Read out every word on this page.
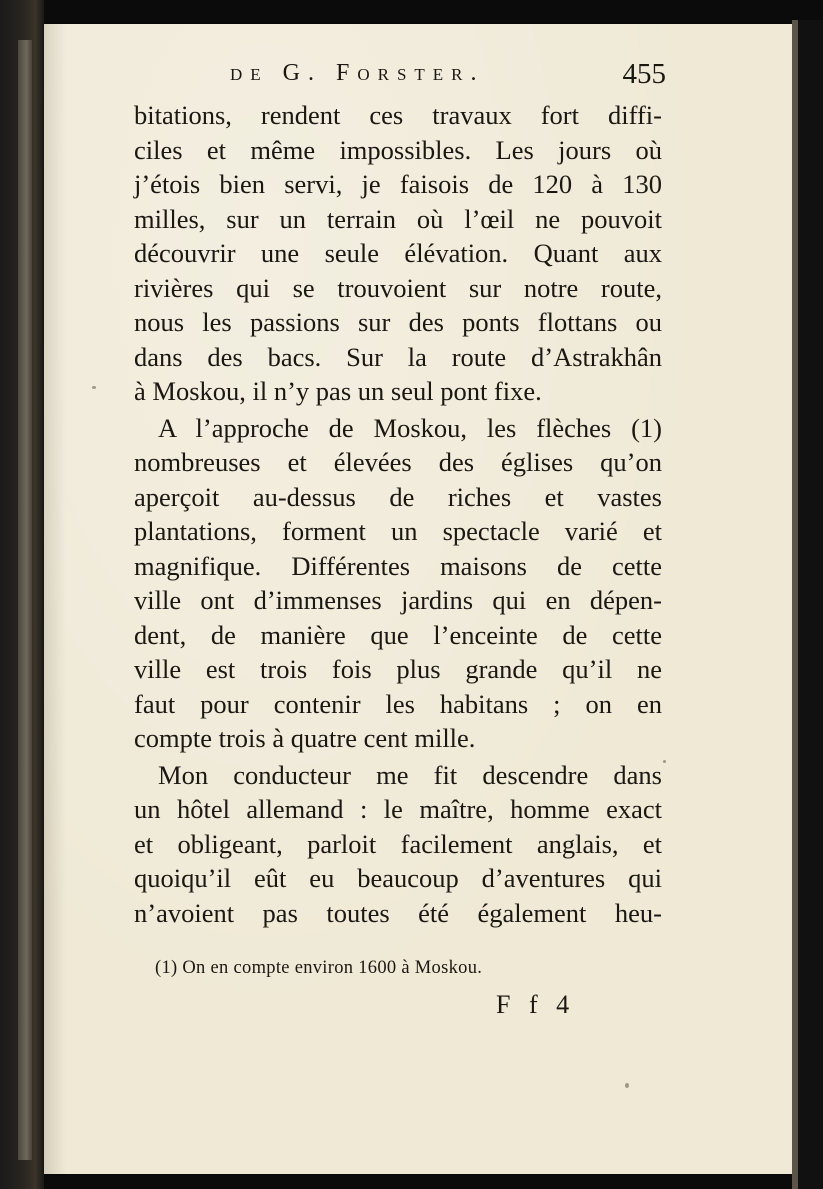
de G. Forster.	455
bitations, rendent ces travaux fort diffi-
ciles et même impossibles. Les jours où
j’étois bien servi, je faisois de 120 à 130
milles, sur un terrain où l’œil ne pouvoit
découvrir une seule élévation. Quant aux
rivières qui se trouvoient sur notre route,
nous les passions sur des ponts flottans ou
dans des bacs. Sur la route d’Astrakhân
à Moskou, il n’y pas un seul pont fixe.
A l’approche de Moskou, les flèches (1)
nombreuses et élevées des églises qu’on
aperçoit au-dessus de riches et vastes
plantations, forment un spectacle varié et
magnifique. Différentes maisons de cette
ville ont d’immenses jardins qui en dépen-
dent, de manière que l’enceinte de cette
ville est trois fois plus grande qu’il ne
faut pour contenir les habitans ; on en
compte trois à quatre cent mille.
Mon conducteur me fit descendre dans
un hôtel allemand : le maître, homme exact
et obligeant, parloit facilement anglais, et
quoiqu’il eût eu beaucoup d’aventures qui
n’avoient pas toutes été également heu-
(1) On en compte environ 1600 à Moskou.
F f 4
